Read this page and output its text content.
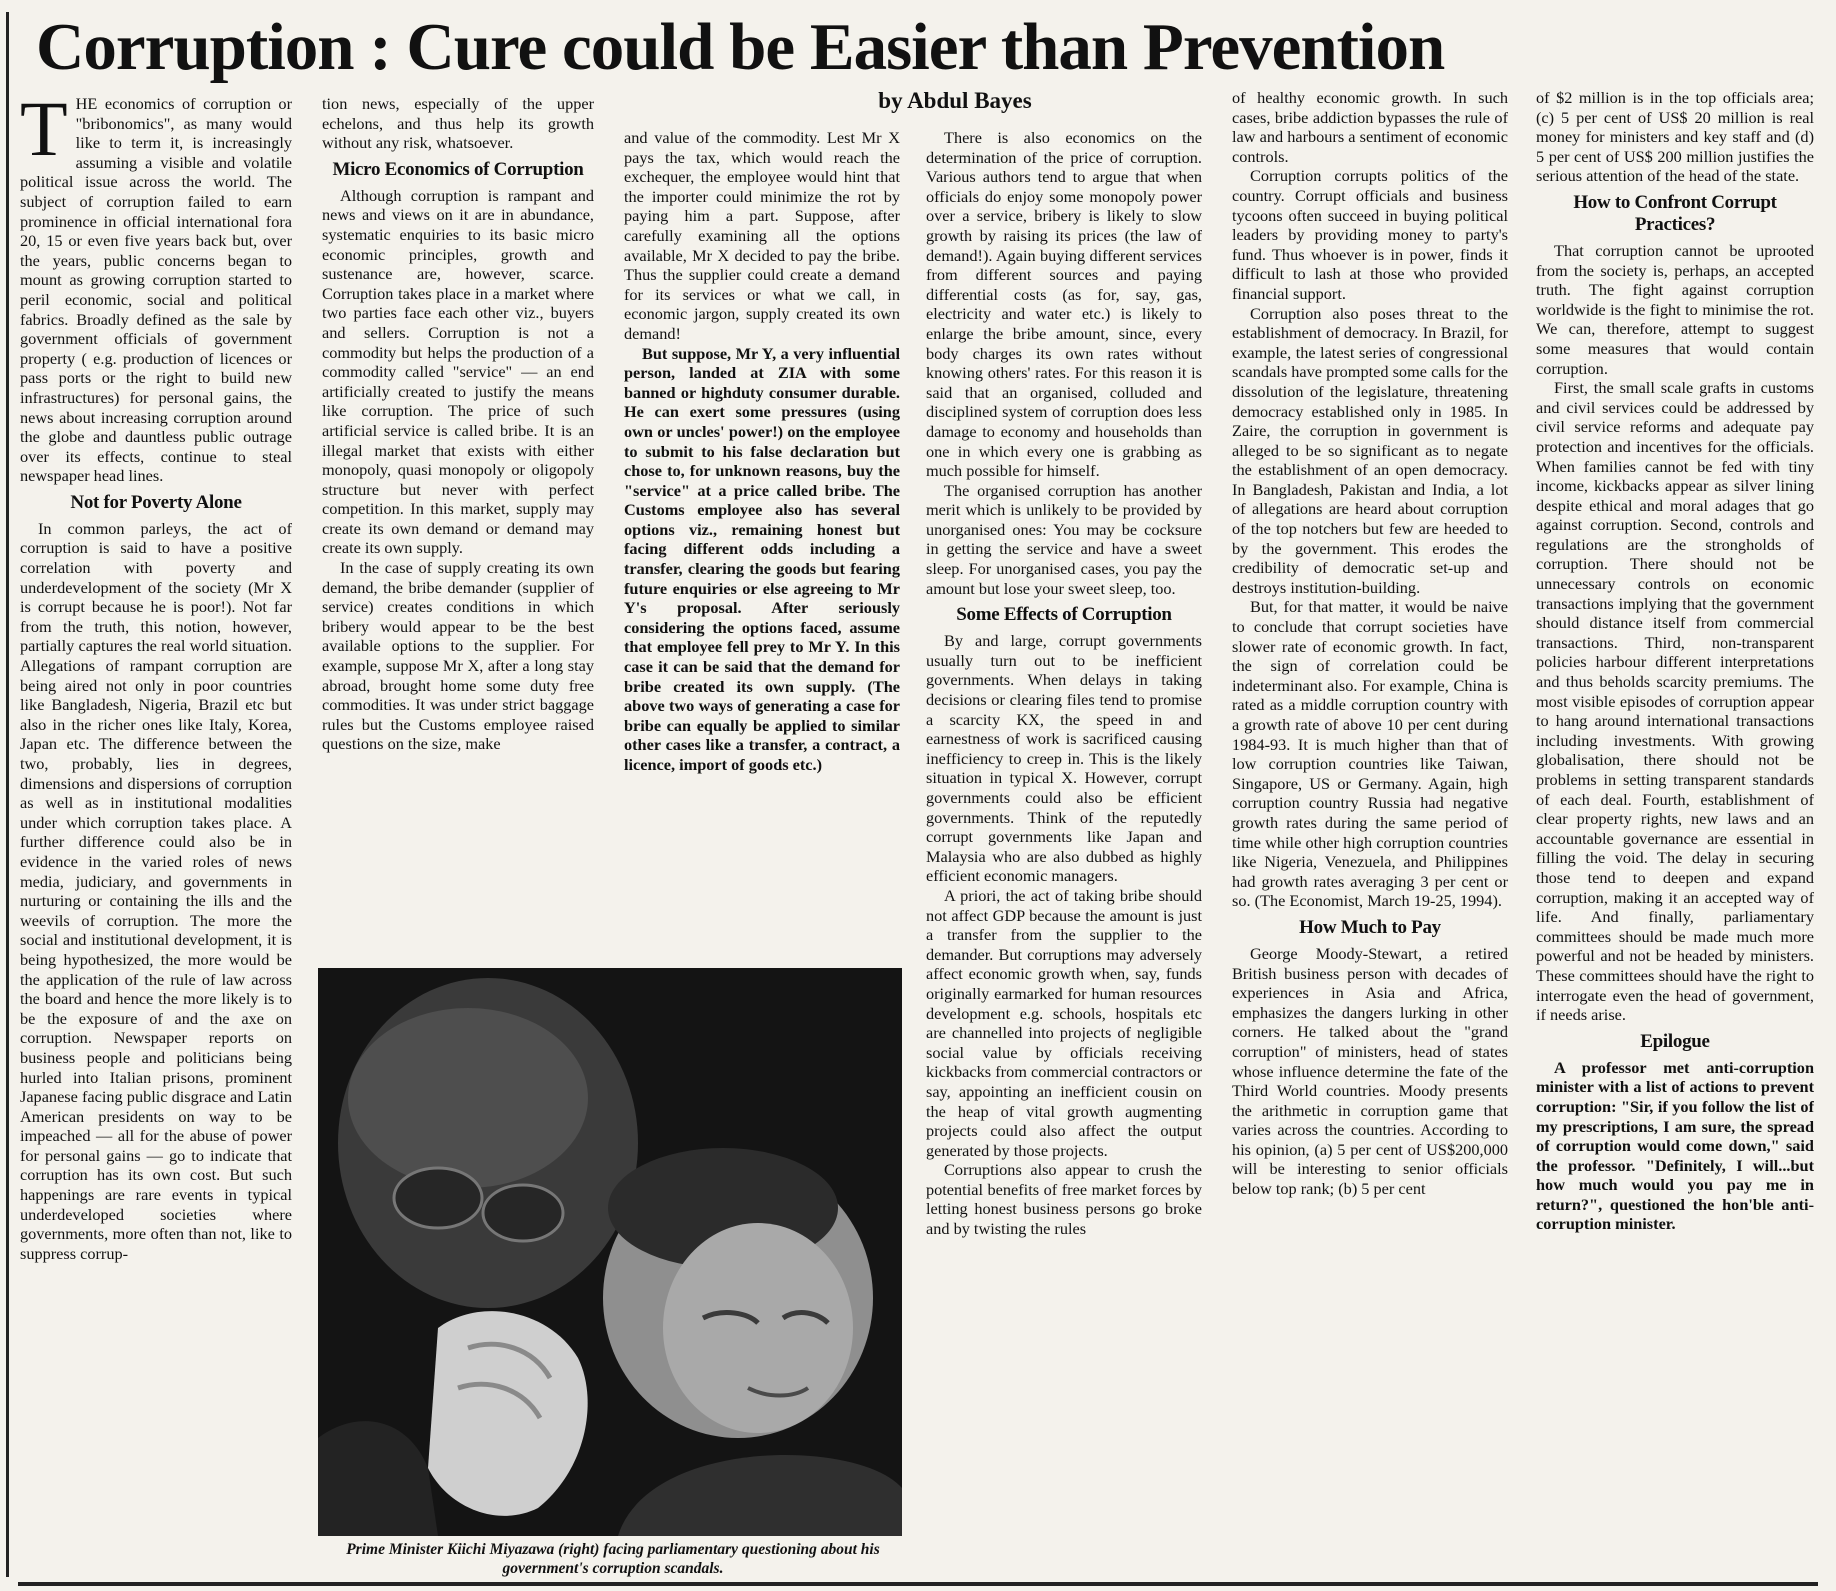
Corruption : Cure could be Easier than Prevention
by Abdul Bayes

THE economics of corruption or "bribonomics", as many would like to term it, is increasingly assuming a visible and volatile political issue across the world. The subject of corruption failed to earn prominence in official international fora 20, 15 or even five years back but, over the years, public concerns began to mount as growing corruption started to peril economic, social and political fabrics. Broadly defined as the sale by government officials of government property ( e.g. production of licences or pass ports or the right to build new infrastructures) for personal gains, the news about increasing corruption around the globe and dauntless public outrage over its effects, continue to steal newspaper head lines.

Not for Poverty Alone

In common parleys, the act of corruption is said to have a positive correlation with poverty and underdevelopment of the society (Mr X is corrupt because he is poor!). Not far from the truth, this notion, however, partially captures the real world situation. Allegations of rampant corruption are being aired not only in poor countries like Bangladesh, Nigeria, Brazil etc but also in the richer ones like Italy, Korea, Japan etc. The difference between the two, probably, lies in degrees, dimensions and dispersions of corruption as well as in institutional modalities under which corruption takes place. A further difference could also be in evidence in the varied roles of news media, judiciary, and governments in nurturing or containing the ills and the weevils of corruption. The more the social and institutional development, it is being hypothesized, the more would be the application of the rule of law across the board and hence the more likely is to be the exposure of and the axe on corruption. Newspaper reports on business people and politicians being hurled into Italian prisons, prominent Japanese facing public disgrace and Latin American presidents on way to be impeached — all for the abuse of power for personal gains — go to indicate that corruption has its own cost. But such happenings are rare events in typical underdeveloped societies where governments, more often than not, like to suppress corrup-

tion news, especially of the upper echelons, and thus help its growth without any risk, whatsoever.

Micro Economics of Corruption

Although corruption is rampant and news and views on it are in abundance, systematic enquiries to its basic micro economic principles, growth and sustenance are, however, scarce. Corruption takes place in a market where two parties face each other viz., buyers and sellers. Corruption is not a commodity but helps the production of a commodity called "service" — an end artificially created to justify the means like corruption. The price of such artificial service is called bribe. It is an illegal market that exists with either monopoly, quasi monopoly or oligopoly structure but never with perfect competition. In this market, supply may create its own demand or demand may create its own supply.

In the case of supply creating its own demand, the bribe demander (supplier of service) creates conditions in which bribery would appear to be the best available options to the supplier. For example, suppose Mr X, after a long stay abroad, brought home some duty free commodities. It was under strict baggage rules but the Customs employee raised questions on the size, make

and value of the commodity. Lest Mr X pays the tax, which would reach the exchequer, the employee would hint that the importer could minimize the rot by paying him a part. Suppose, after carefully examining all the options available, Mr X decided to pay the bribe. Thus the supplier could create a demand for its services or what we call, in economic jargon, supply created its own demand!

But suppose, Mr Y, a very influential person, landed at ZIA with some banned or highduty consumer durable. He can exert some pressures (using own or uncles' power!) on the employee to submit to his false declaration but chose to, for unknown reasons, buy the "service" at a price called bribe. The Customs employee also has several options viz., remaining honest but facing different odds including a transfer, clearing the goods but fearing future enquiries or else agreeing to Mr Y's proposal. After seriously considering the options faced, assume that employee fell prey to Mr Y. In this case it can be said that the demand for bribe created its own supply. (The above two ways of generating a case for bribe can equally be applied to similar other cases like a transfer, a contract, a licence, import of goods etc.)

There is also economics on the determination of the price of corruption. Various authors tend to argue that when officials do enjoy some monopoly power over a service, bribery is likely to slow growth by raising its prices (the law of demand!). Again buying different services from different sources and paying differential costs (as for, say, gas, electricity and water etc.) is likely to enlarge the bribe amount, since, every body charges its own rates without knowing others' rates. For this reason it is said that an organised, colluded and disciplined system of corruption does less damage to economy and households than one in which every one is grabbing as much possible for himself.

The organised corruption has another merit which is unlikely to be provided by unorganised ones: You may be cocksure in getting the service and have a sweet sleep. For unorganised cases, you pay the amount but lose your sweet sleep, too.

Some Effects of Corruption

By and large, corrupt governments usually turn out to be inefficient governments. When delays in taking decisions or clearing files tend to promise a scarcity KX, the speed in and earnestness of work is sacrificed causing inefficiency to creep in. This is the likely situation in typical X. However, corrupt governments could also be efficient governments. Think of the reputedly corrupt governments like Japan and Malaysia who are also dubbed as highly efficient economic managers.

A priori, the act of taking bribe should not affect GDP because the amount is just a transfer from the supplier to the demander. But corruptions may adversely affect economic growth when, say, funds originally earmarked for human resources development e.g. schools, hospitals etc are channelled into projects of negligible social value by officials receiving kickbacks from commercial contractors or say, appointing an inefficient cousin on the heap of vital growth augmenting projects could also affect the output generated by those projects.

Corruptions also appear to crush the potential benefits of free market forces by letting honest business persons go broke and by twisting the rules

of healthy economic growth. In such cases, bribe addiction bypasses the rule of law and harbours a sentiment of economic controls.

Corruption corrupts politics of the country. Corrupt officials and business tycoons often succeed in buying political leaders by providing money to party's fund. Thus whoever is in power, finds it difficult to lash at those who provided financial support.

Corruption also poses threat to the establishment of democracy. In Brazil, for example, the latest series of congressional scandals have prompted some calls for the dissolution of the legislature, threatening democracy established only in 1985. In Zaire, the corruption in government is alleged to be so significant as to negate the establishment of an open democracy. In Bangladesh, Pakistan and India, a lot of allegations are heard about corruption of the top notchers but few are heeded to by the government. This erodes the credibility of democratic set-up and destroys institution-building.

But, for that matter, it would be naive to conclude that corrupt societies have slower rate of economic growth. In fact, the sign of correlation could be indeterminant also. For example, China is rated as a middle corruption country with a growth rate of above 10 per cent during 1984-93. It is much higher than that of low corruption countries like Taiwan, Singapore, US or Germany. Again, high corruption country Russia had negative growth rates during the same period of time while other high corruption countries like Nigeria, Venezuela, and Philippines had growth rates averaging 3 per cent or so. (The Economist, March 19-25, 1994).

How Much to Pay

George Moody-Stewart, a retired British business person with decades of experiences in Asia and Africa, emphasizes the dangers lurking in other corners. He talked about the "grand corruption" of ministers, head of states whose influence determine the fate of the Third World countries. Moody presents the arithmetic in corruption game that varies across the countries. According to his opinion, (a) 5 per cent of US$200,000 will be interesting to senior officials below top rank; (b) 5 per cent

of $2 million is in the top officials area; (c) 5 per cent of US$ 20 million is real money for ministers and key staff and (d) 5 per cent of US$ 200 million justifies the serious attention of the head of the state.

How to Confront Corrupt Practices?

That corruption cannot be uprooted from the society is, perhaps, an accepted truth. The fight against corruption worldwide is the fight to minimise the rot. We can, therefore, attempt to suggest some measures that would contain corruption.

First, the small scale grafts in customs and civil services could be addressed by civil service reforms and adequate pay protection and incentives for the officials. When families cannot be fed with tiny income, kickbacks appear as silver lining despite ethical and moral adages that go against corruption. Second, controls and regulations are the strongholds of corruption. There should not be unnecessary controls on economic transactions implying that the government should distance itself from commercial transactions. Third, non-transparent policies harbour different interpretations and thus beholds scarcity premiums. The most visible episodes of corruption appear to hang around international transactions including investments. With growing globalisation, there should not be problems in setting transparent standards of each deal. Fourth, establishment of clear property rights, new laws and an accountable governance are essential in filling the void. The delay in securing those tend to deepen and expand corruption, making it an accepted way of life. And finally, parliamentary committees should be made much more powerful and not be headed by ministers. These committees should have the right to interrogate even the head of government, if needs arise.

Epilogue

A professor met anti-corruption minister with a list of actions to prevent corruption: "Sir, if you follow the list of my prescriptions, I am sure, the spread of corruption would come down," said the professor. "Definitely, I will...but how much would you pay me in return?", questioned the hon'ble anti-corruption minister.

Prime Minister Kiichi Miyazawa (right) facing parliamentary questioning about his government's corruption scandals.
